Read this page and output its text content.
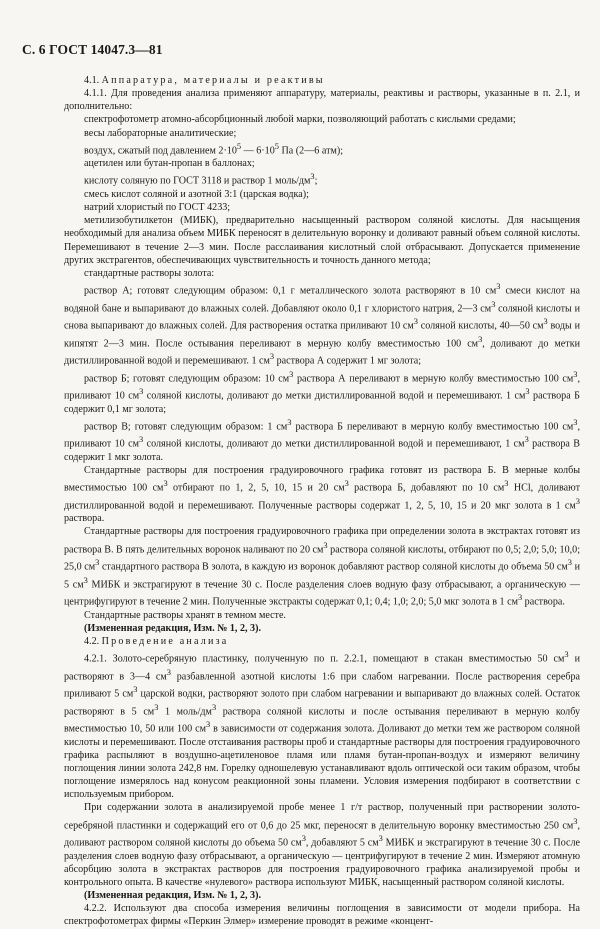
С. 6 ГОСТ 14047.3—81

4.1. Аппаратура, материалы и реактивы

4.1.1. Для проведения анализа применяют аппаратуру, материалы, реактивы и растворы, указанные в п. 2.1, и дополнительно:

спектрофотометр атомно-абсорбционный любой марки, позволяющий работать с кислыми средами;

весы лабораторные аналитические;

воздух, сжатый под давлением $2\cdot 10^5$ — $6\cdot 10^5$ Па (2—6 атм);

ацетилен или бутан-пропан в баллонах;

кислоту соляную по ГОСТ 3118 и раствор 1 моль/$дм^3$;

смесь кислот соляной и азотной 3:1 (царская водка);

натрий хлористый по ГОСТ 4233;

метилизобутилкетон (МИБК), предварительно насыщенный раствором соляной кислоты. Для насыщения необходимый для анализа объем МИБК переносят в делительную воронку и доливают равный объем соляной кислоты. Перемешивают в течение 2—3 мин. После расслаивания кислотный слой отбрасывают. Допускается применение других экстрагентов, обеспечивающих чувствительность и точность данного метода;

стандартные растворы золота:

раствор А; готовят следующим образом: 0,1 г металлического золота растворяют в 10 $см^3$ смеси кислот на водяной бане и выпаривают до влажных солей. Добавляют около 0,1 г хлористого натрия, 2—3 $см^3$ соляной кислоты и снова выпаривают до влажных солей. Для растворения остатка приливают 10 $см^3$ соляной кислоты, 40—50 $см^3$ воды и кипятят 2—3 мин. После остывания переливают в мерную колбу вместимостью 100 $см^3$, доливают до метки дистиллированной водой и перемешивают. 1 $см^3$ раствора А содержит 1 мг золота;

раствор Б; готовят следующим образом: 10 $см^3$ раствора А переливают в мерную колбу вместимостью 100 $см^3$, приливают 10 $см^3$ соляной кислоты, доливают до метки дистиллированной водой и перемешивают. 1 $см^3$ раствора Б содержит 0,1 мг золота;

раствор В; готовят следующим образом: 1 $см^3$ раствора Б переливают в мерную колбу вместимостью 100 $см^3$, приливают 10 $см^3$ соляной кислоты, доливают до метки дистиллированной водой и перемешивают, 1 $см^3$ раствора В содержит 1 мкг золота.

Стандартные растворы для построения градуировочного графика готовят из раствора Б. В мерные колбы вместимостью 100 $см^3$ отбирают по 1, 2, 5, 10, 15 и 20 $см^3$ раствора Б, добавляют по 10 $см^3$ HCl, доливают дистиллированной водой и перемешивают. Полученные растворы содержат 1, 2, 5, 10, 15 и 20 мкг золота в 1 $см^3$ раствора.

Стандартные растворы для построения градуировочного графика при определении золота в экстрактах готовят из раствора В. В пять делительных воронок наливают по 20 $см^3$ раствора соляной кислоты, отбирают по 0,5; 2,0; 5,0; 10,0; 25,0 $см^3$ стандартного раствора В золота, в каждую из воронок добавляют раствор соляной кислоты до объема 50 $см^3$ и 5 $см^3$ МИБК и экстрагируют в течение 30 с. После разделения слоев водную фазу отбрасывают, а органическую — центрифугируют в течение 2 мин. Полученные экстракты содержат 0,1; 0,4; 1,0; 2,0; 5,0 мкг золота в 1 $см^3$ раствора.

Стандартные растворы хранят в темном месте.

(Измененная редакция, Изм. № 1, 2, 3).

4.2. Проведение анализа

4.2.1. Золото-серебряную пластинку, полученную по п. 2.2.1, помещают в стакан вместимостью 50 $см^3$ и растворяют в 3—4 $см^3$ разбавленной азотной кислоты 1:6 при слабом нагревании. После растворения серебра приливают 5 $см^3$ царской водки, растворяют золото при слабом нагревании и выпаривают до влажных солей. Остаток растворяют в 5 $см^3$ 1 моль/$дм^3$ раствора соляной кислоты и после остывания переливают в мерную колбу вместимостью 10, 50 или 100 $см^3$ в зависимости от содержания золота. Доливают до метки тем же раствором соляной кислоты и перемешивают. После отстаивания растворы проб и стандартные растворы для построения градуировочного графика распыляют в воздушно-ацетиленовое пламя или пламя бутан-пропан-воздух и измеряют величину поглощения линии золота 242,8 нм. Горелку одношелевую устанавливают вдоль оптической оси таким образом, чтобы поглощение измерялось над конусом реакционной зоны пламени. Условия измерения подбирают в соответствии с используемым прибором.

При содержании золота в анализируемой пробе менее 1 г/т раствор, полученный при растворении золото-серебряной пластинки и содержащий его от 0,6 до 25 мкг, переносят в делительную воронку вместимостью 250 $см^3$, доливают раствором соляной кислоты до объема 50 $см^3$, добавляют 5 $см^3$ МИБК и экстрагируют в течение 30 с. После разделения слоев водную фазу отбрасывают, а органическую — центрифугируют в течение 2 мин. Измеряют атомную абсорбцию золота в экстрактах растворов для построения градуировочного графика анализируемой пробы и контрольного опыта. В качестве «нулевого» раствора используют МИБК, насыщенный раствором соляной кислоты.

(Измененная редакция, Изм. № 1, 2, 3).

4.2.2. Используют два способа измерения величины поглощения в зависимости от модели прибора. На спектрофотометрах фирмы «Перкин Элмер» измерение проводят в режиме «концент-
